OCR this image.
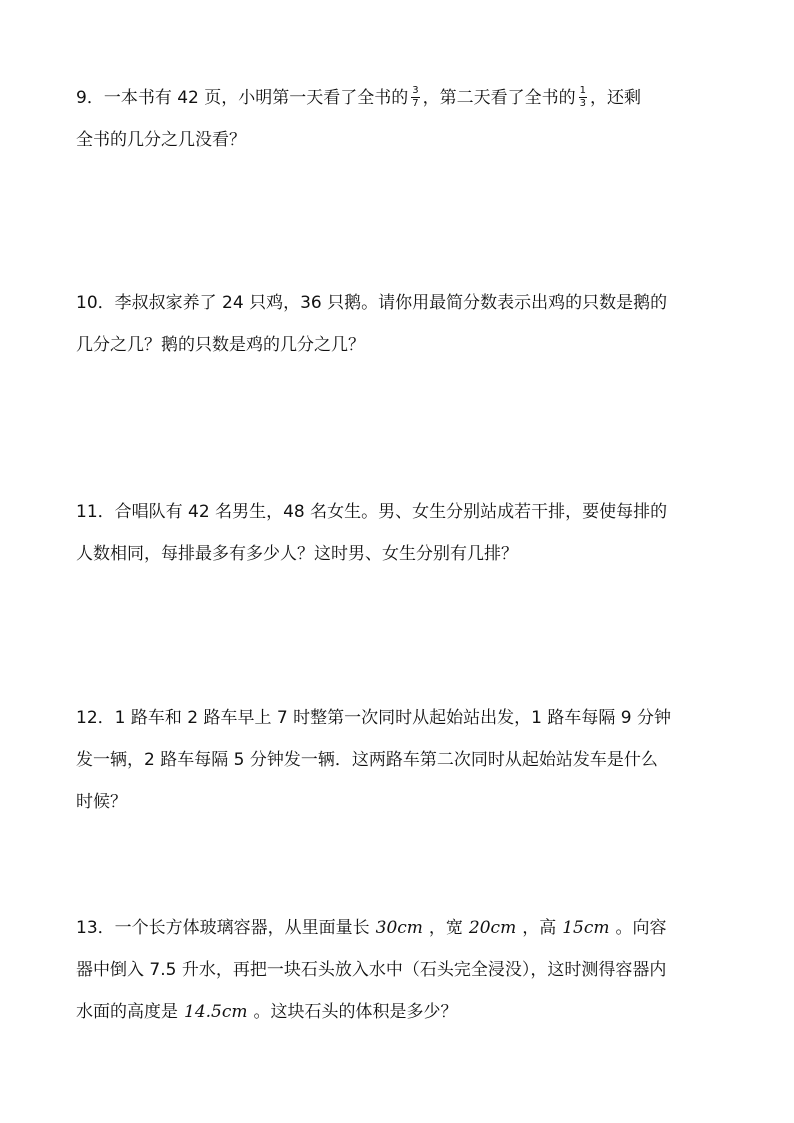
9．一本书有 42 页，小明第一天看了全书的 $\frac{3}{7}$ ，第二天看了全书的 $\frac{1}{3}$ ，还剩
全书的几分之几没看？
10．李叔叔家养了 24 只鸡，36 只鹅。请你用最简分数表示出鸡的只数是鹅的
几分之几？鹅的只数是鸡的几分之几？
11．合唱队有 42 名男生，48 名女生。男、女生分别站成若干排，要使每排的
人数相同，每排最多有多少人？这时男、女生分别有几排？
12．1 路车和 2 路车早上 7 时整第一次同时从起始站出发，1 路车每隔 9 分钟
发一辆，2 路车每隔 5 分钟发一辆．这两路车第二次同时从起始站发车是什么
时候？
13．一个长方体玻璃容器，从里面量长 30cm ，宽 20cm ，高 15cm 。向容
器中倒入 7.5 升水，再把一块石头放入水中（石头完全浸没），这时测得容器内
水面的高度是 14.5cm 。这块石头的体积是多少？
